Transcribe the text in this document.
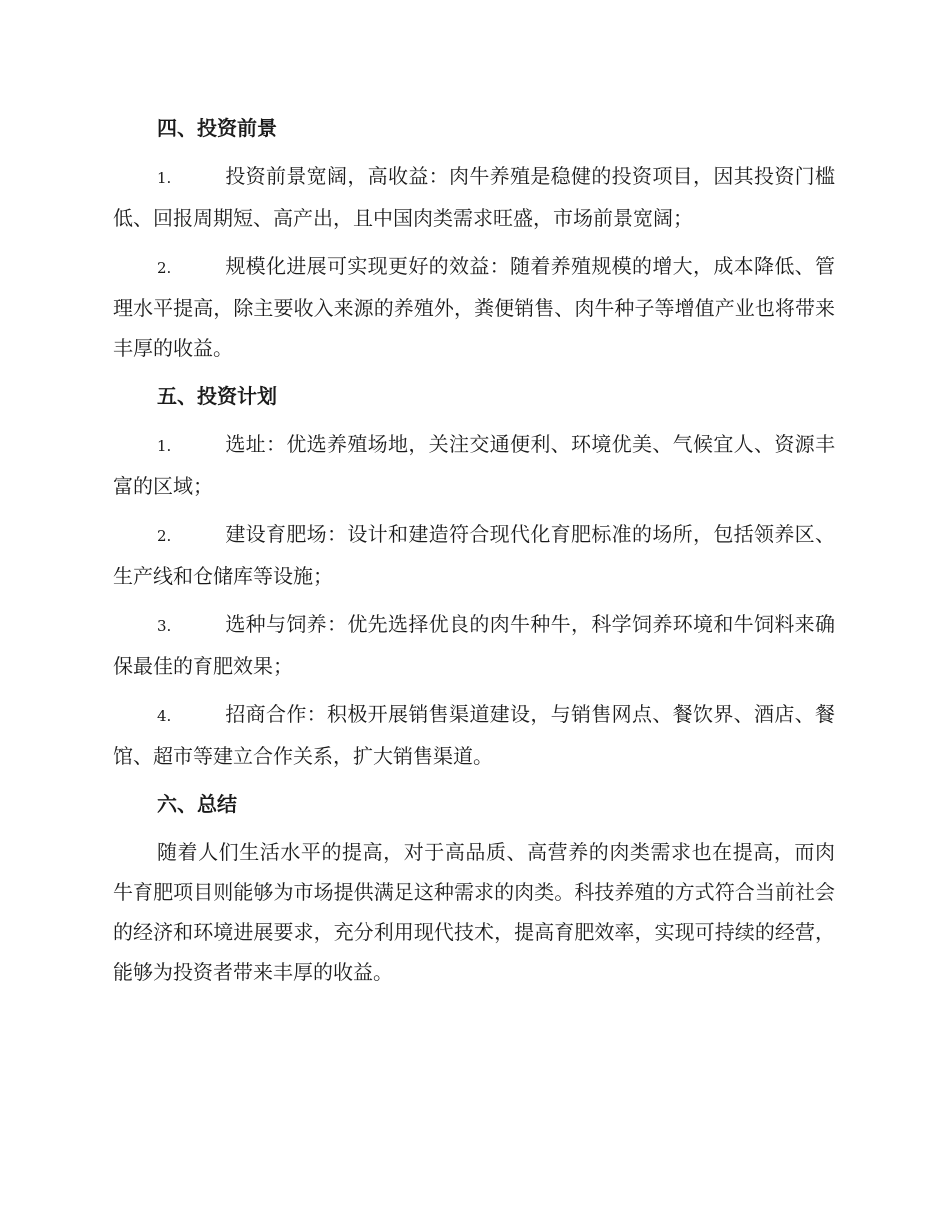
四、投资前景
1.	投资前景宽阔，高收益：肉牛养殖是稳健的投资项目，因其投资门槛低、回报周期短、高产出，且中国肉类需求旺盛，市场前景宽阔；
2.	规模化进展可实现更好的效益：随着养殖规模的增大，成本降低、管理水平提高，除主要收入来源的养殖外，粪便销售、肉牛种子等增值产业也将带来丰厚的收益。
五、投资计划
1.	选址：优选养殖场地，关注交通便利、环境优美、气候宜人、资源丰富的区域；
2.	建设育肥场：设计和建造符合现代化育肥标准的场所，包括领养区、生产线和仓储库等设施；
3.	选种与饲养：优先选择优良的肉牛种牛，科学饲养环境和牛饲料来确保最佳的育肥效果；
4.	招商合作：积极开展销售渠道建设，与销售网点、餐饮界、酒店、餐馆、超市等建立合作关系，扩大销售渠道。
六、总结

随着人们生活水平的提高，对于高品质、高营养的肉类需求也在提高，而肉牛育肥项目则能够为市场提供满足这种需求的肉类。科技养殖的方式符合当前社会的经济和环境进展要求，充分利用现代技术，提高育肥效率，实现可持续的经营，能够为投资者带来丰厚的收益。
